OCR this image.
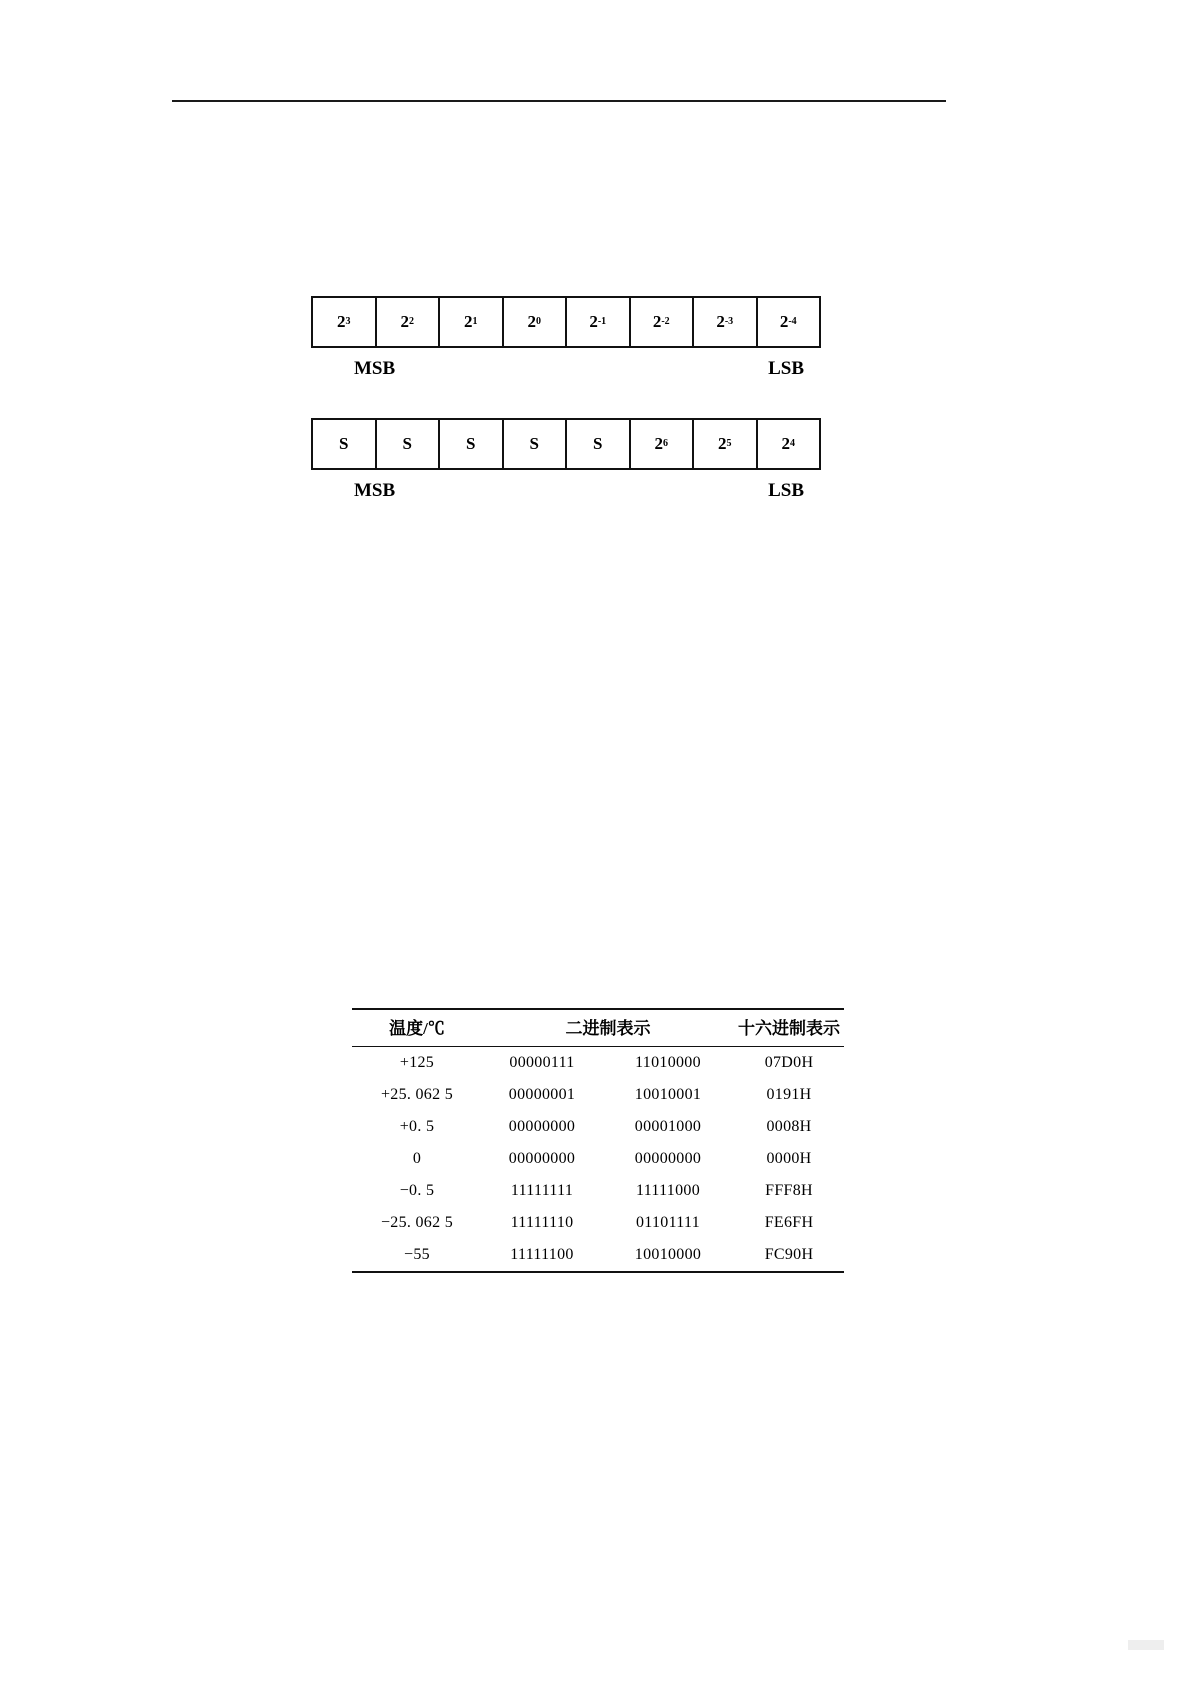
2 3	2 2	2 1	2 0	2 -1	2 -2	2 -3	2 -4
MSB	LSB
S	S	S	S	S	2 6	2 5	2 4
MSB	LSB
温度/℃	二进制表示		十六进制表示
+125	00000111	11010000	07D0H
+25. 062 5	00000001	10010001	0191H
+0. 5	00000000	00001000	0008H
0	00000000	00000000	0000H
−0. 5	11111111	11111000	FFF8H
−25. 062 5	11111110	01101111	FE6FH
−55	11111100	10010000	FC90H
